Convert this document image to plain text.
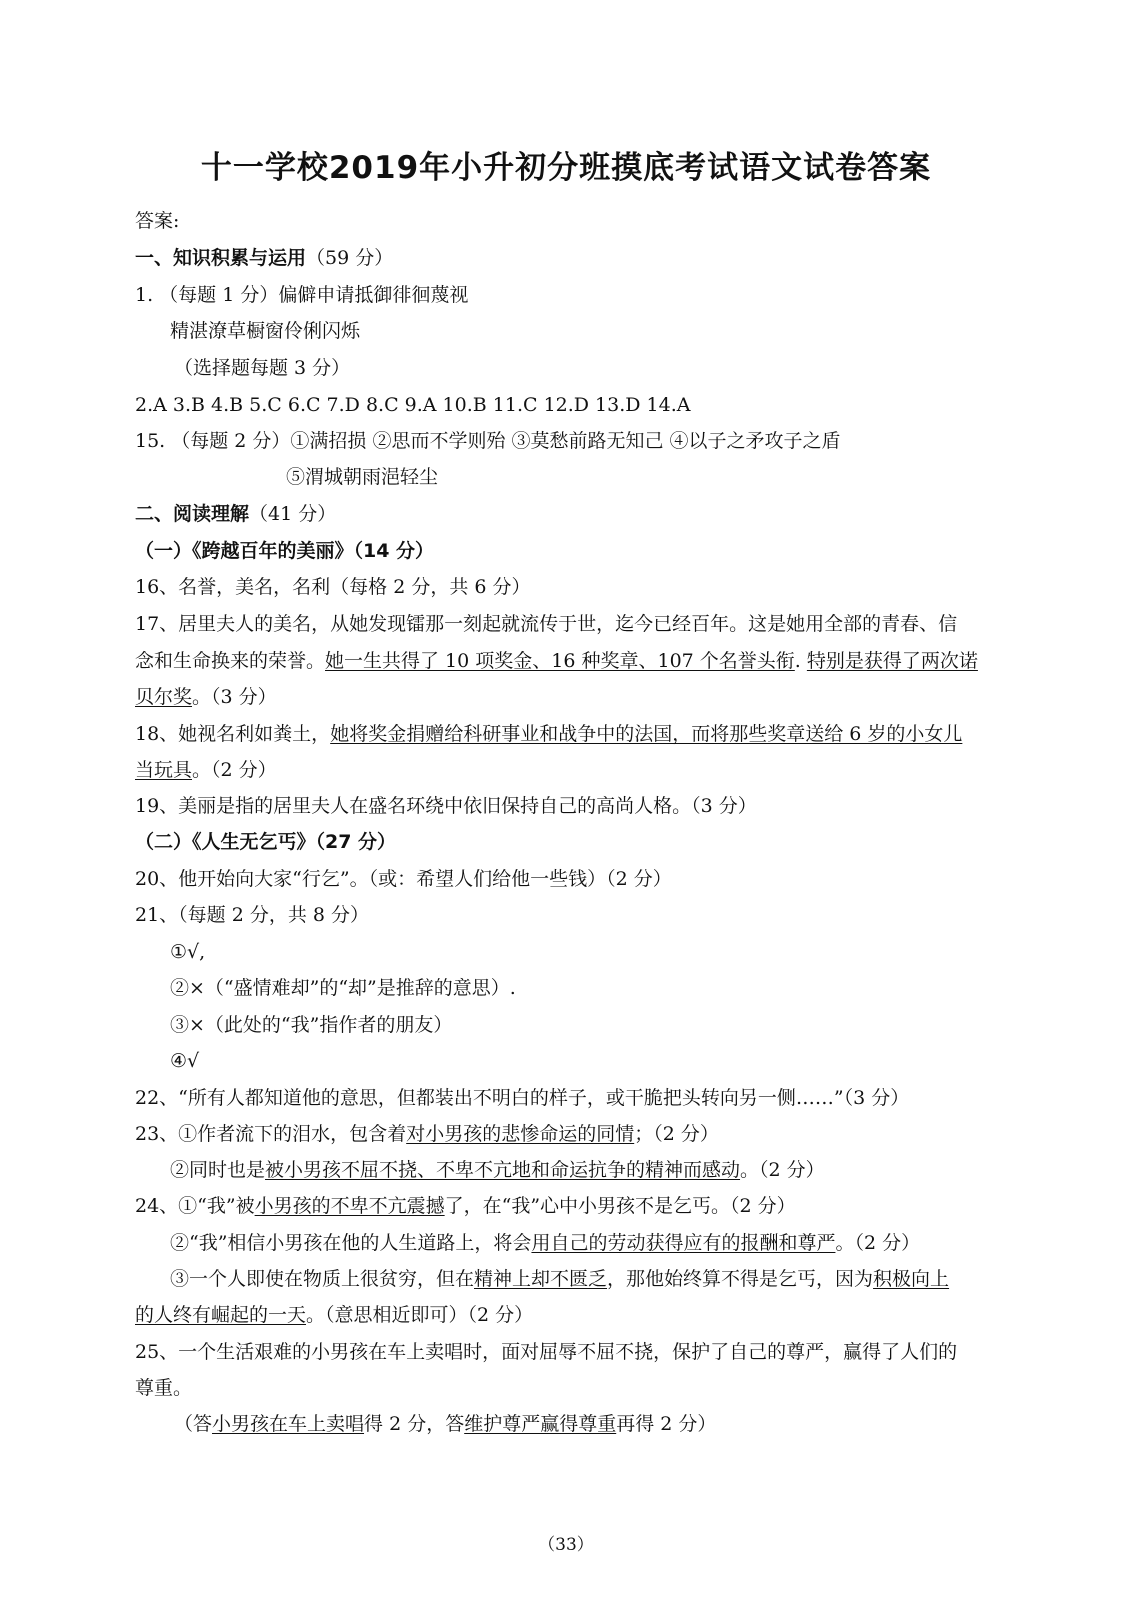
十一学校2019年小升初分班摸底考试语文试卷答案
答案:
一、知识积累与运用（59 分）
1. （每题 1 分）偏僻申请抵御徘徊蔑视
精湛潦草橱窗伶俐闪烁
（选择题每题 3 分）
2.A 3.B 4.B 5.C 6.C 7.D 8.C 9.A 10.B 11.C 12.D 13.D 14.A
15. （每题 2 分）①满招损 ②思而不学则殆 ③莫愁前路无知己 ④以子之矛攻子之盾
⑤渭城朝雨浥轻尘
二、阅读理解（41 分）
（一）《跨越百年的美丽》（14 分）
16、名誉，美名，名利（每格 2 分，共 6 分）
17、居里夫人的美名，从她发现镭那一刻起就流传于世，迄今已经百年。这是她用全部的青春、信
念和生命换来的荣誉。她一生共得了 10 项奖金、16 种奖章、107 个名誉头衔. 特别是获得了两次诺
贝尔奖。（3 分）
18、她视名利如粪土，她将奖金捐赠给科研事业和战争中的法国，而将那些奖章送给 6 岁的小女儿
当玩具。（2 分）
19、美丽是指的居里夫人在盛名环绕中依旧保持自己的高尚人格。（3 分）
（二）《人生无乞丐》（27 分）
20、他开始向大家“行乞”。（或：希望人们给他一些钱）（2 分）
21、（每题 2 分，共 8 分）
①√,
②×（“盛情难却”的“却”是推辞的意思）.
③×（此处的“我”指作者的朋友）
④√
22、“所有人都知道他的意思，但都装出不明白的样子，或干脆把头转向另一侧……”（3 分）
23、①作者流下的泪水，包含着对小男孩的悲惨命运的同情；（2 分）
②同时也是被小男孩不屈不挠、不卑不亢地和命运抗争的精神而感动。（2 分）
24、①“我”被小男孩的不卑不亢震撼了，在“我”心中小男孩不是乞丐。（2 分）
②“我”相信小男孩在他的人生道路上，将会用自己的劳动获得应有的报酬和尊严。（2 分）
③一个人即使在物质上很贫穷，但在精神上却不匮乏，那他始终算不得是乞丐，因为积极向上
的人终有崛起的一天。（意思相近即可）（2 分）
25、一个生活艰难的小男孩在车上卖唱时，面对屈辱不屈不挠，保护了自己的尊严，赢得了人们的
尊重。
（答小男孩在车上卖唱得 2 分，答维护尊严赢得尊重再得 2 分）
（33）
